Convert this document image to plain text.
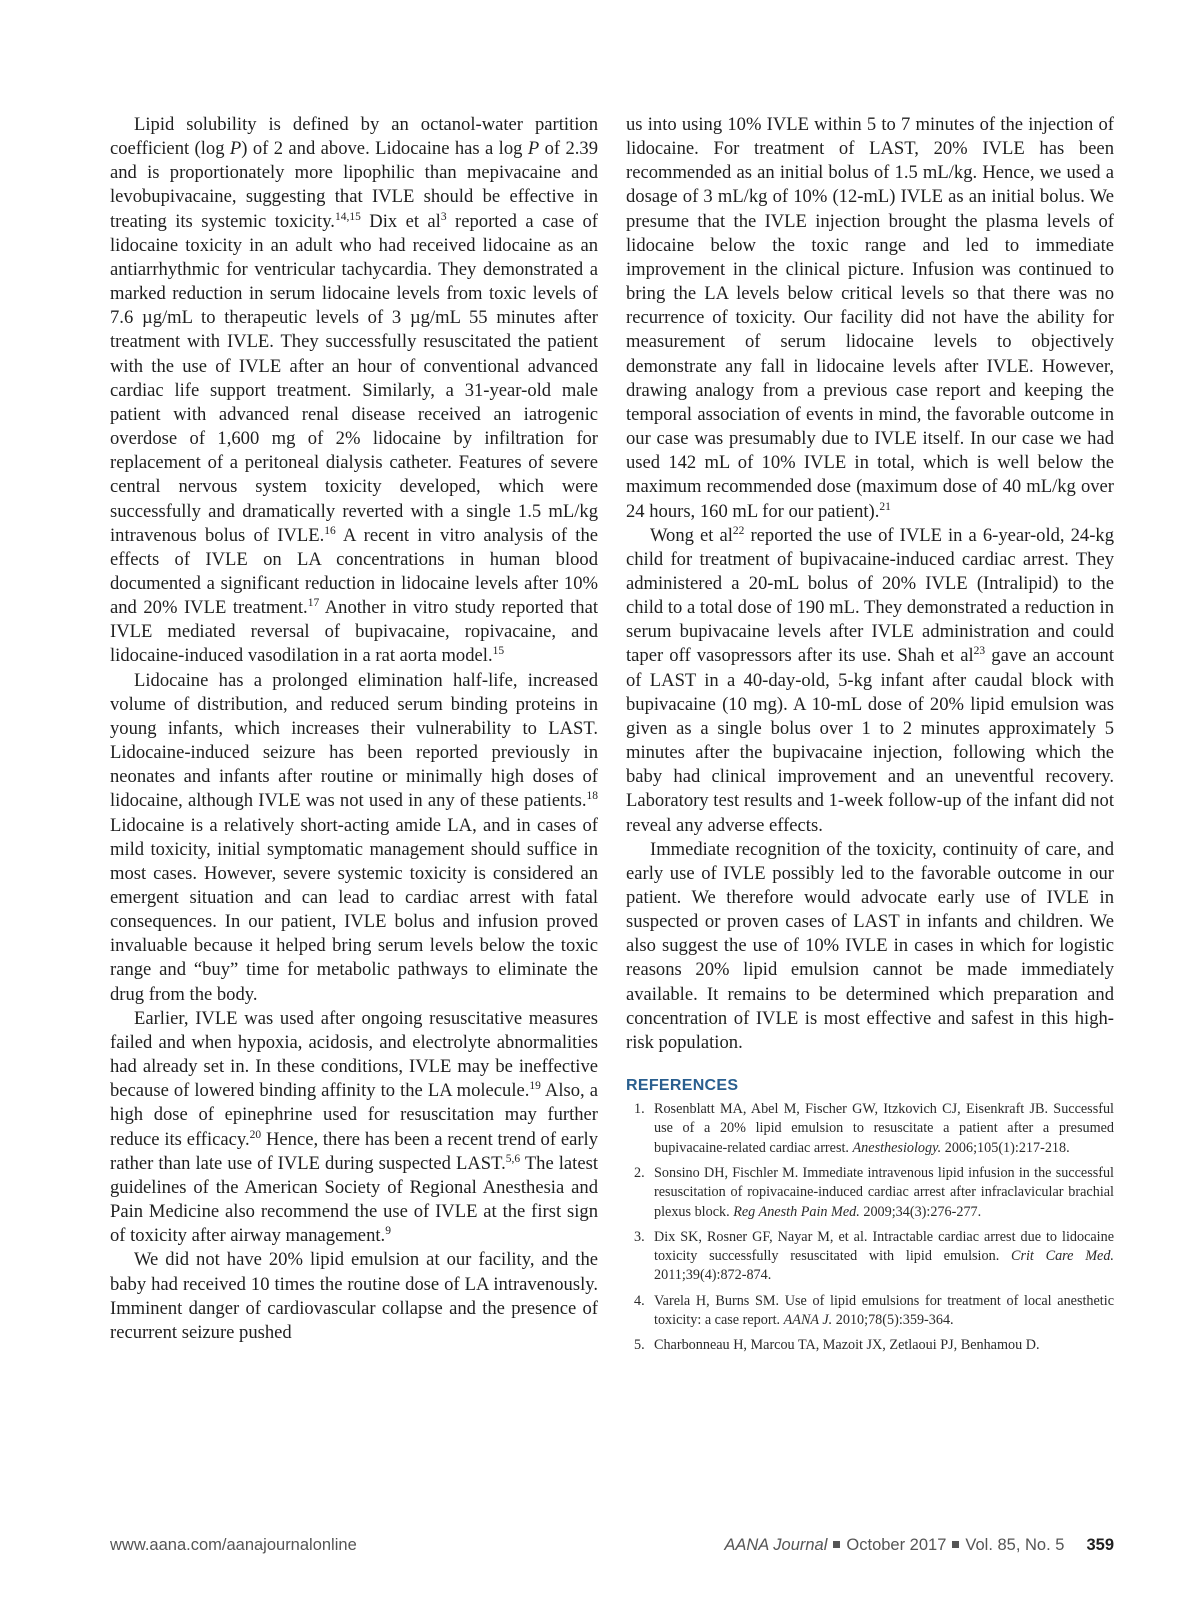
Lipid solubility is defined by an octanol-water partition coefficient (log P) of 2 and above. Lidocaine has a log P of 2.39 and is proportionately more lipophilic than mepivacaine and levobupivacaine, suggesting that IVLE should be effective in treating its systemic toxicity.$^{14,15}$ Dix et $al^3$ reported a case of lidocaine toxicity in an adult who had received lidocaine as an antiarrhythmic for ventricular tachycardia. They demonstrated a marked reduction in serum lidocaine levels from toxic levels of 7.6 µg/mL to therapeutic levels of 3 µg/mL 55 minutes after treatment with IVLE. They successfully resuscitated the patient with the use of IVLE after an hour of conventional advanced cardiac life support treatment. Similarly, a 31-year-old male patient with advanced renal disease received an iatrogenic overdose of 1,600 mg of 2% lidocaine by infiltration for replacement of a peritoneal dialysis catheter. Features of severe central nervous system toxicity developed, which were successfully and dramatically reverted with a single 1.5 mL/kg intravenous bolus of IVLE.$^{16}$ A recent in vitro analysis of the effects of IVLE on LA concentrations in human blood documented a significant reduction in lidocaine levels after 10% and 20% IVLE treatment.$^{17}$ Another in vitro study reported that IVLE mediated reversal of bupivacaine, ropivacaine, and lidocaine-induced vasodilation in a rat aorta model.$^{15}$

Lidocaine has a prolonged elimination half-life, increased volume of distribution, and reduced serum binding proteins in young infants, which increases their vulnerability to LAST. Lidocaine-induced seizure has been reported previously in neonates and infants after routine or minimally high doses of lidocaine, although IVLE was not used in any of these patients.$^{18}$ Lidocaine is a relatively short-acting amide LA, and in cases of mild toxicity, initial symptomatic management should suffice in most cases. However, severe systemic toxicity is considered an emergent situation and can lead to cardiac arrest with fatal consequences. In our patient, IVLE bolus and infusion proved invaluable because it helped bring serum levels below the toxic range and “buy” time for metabolic pathways to eliminate the drug from the body.

Earlier, IVLE was used after ongoing resuscitative measures failed and when hypoxia, acidosis, and electrolyte abnormalities had already set in. In these conditions, IVLE may be ineffective because of lowered binding affinity to the LA molecule.$^{19}$ Also, a high dose of epinephrine used for resuscitation may further reduce its efficacy.$^{20}$ Hence, there has been a recent trend of early rather than late use of IVLE during suspected LAST.$^{5,6}$ The latest guidelines of the American Society of Regional Anesthesia and Pain Medicine also recommend the use of IVLE at the first sign of toxicity after airway management.$^9$

We did not have 20% lipid emulsion at our facility, and the baby had received 10 times the routine dose of LA intravenously. Imminent danger of cardiovascular collapse and the presence of recurrent seizure pushed

us into using 10% IVLE within 5 to 7 minutes of the injection of lidocaine. For treatment of LAST, 20% IVLE has been recommended as an initial bolus of 1.5 mL/kg. Hence, we used a dosage of 3 mL/kg of 10% (12-mL) IVLE as an initial bolus. We presume that the IVLE injection brought the plasma levels of lidocaine below the toxic range and led to immediate improvement in the clinical picture. Infusion was continued to bring the LA levels below critical levels so that there was no recurrence of toxicity. Our facility did not have the ability for measurement of serum lidocaine levels to objectively demonstrate any fall in lidocaine levels after IVLE. However, drawing analogy from a previous case report and keeping the temporal association of events in mind, the favorable outcome in our case was presumably due to IVLE itself. In our case we had used 142 mL of 10% IVLE in total, which is well below the maximum recommended dose (maximum dose of 40 mL/kg over 24 hours, 160 mL for our patient).$^{21}$

Wong et $al^{22}$ reported the use of IVLE in a 6-year-old, 24-kg child for treatment of bupivacaine-induced cardiac arrest. They administered a 20-mL bolus of 20% IVLE (Intralipid) to the child to a total dose of 190 mL. They demonstrated a reduction in serum bupivacaine levels after IVLE administration and could taper off vasopressors after its use. Shah et $al^{23}$ gave an account of LAST in a 40-day-old, 5-kg infant after caudal block with bupivacaine (10 mg). A 10-mL dose of 20% lipid emulsion was given as a single bolus over 1 to 2 minutes approximately 5 minutes after the bupivacaine injection, following which the baby had clinical improvement and an uneventful recovery. Laboratory test results and 1-week follow-up of the infant did not reveal any adverse effects.

Immediate recognition of the toxicity, continuity of care, and early use of IVLE possibly led to the favorable outcome in our patient. We therefore would advocate early use of IVLE in suspected or proven cases of LAST in infants and children. We also suggest the use of 10% IVLE in cases in which for logistic reasons 20% lipid emulsion cannot be made immediately available. It remains to be determined which preparation and concentration of IVLE is most effective and safest in this high-risk population.

REFERENCES
1. Rosenblatt MA, Abel M, Fischer GW, Itzkovich CJ, Eisenkraft JB. Successful use of a 20% lipid emulsion to resuscitate a patient after a presumed bupivacaine-related cardiac arrest. Anesthesiology. 2006;105(1):217-218.
2. Sonsino DH, Fischler M. Immediate intravenous lipid infusion in the successful resuscitation of ropivacaine-induced cardiac arrest after infraclavicular brachial plexus block. Reg Anesth Pain Med. 2009;34(3):276-277.
3. Dix SK, Rosner GF, Nayar M, et al. Intractable cardiac arrest due to lidocaine toxicity successfully resuscitated with lipid emulsion. Crit Care Med. 2011;39(4):872-874.
4. Varela H, Burns SM. Use of lipid emulsions for treatment of local anesthetic toxicity: a case report. AANA J. 2010;78(5):359-364.
5. Charbonneau H, Marcou TA, Mazoit JX, Zetlaoui PJ, Benhamou D.
www.aana.com/aanajournalonline	AANA Journal October 2017 Vol. 85, No. 5 359
